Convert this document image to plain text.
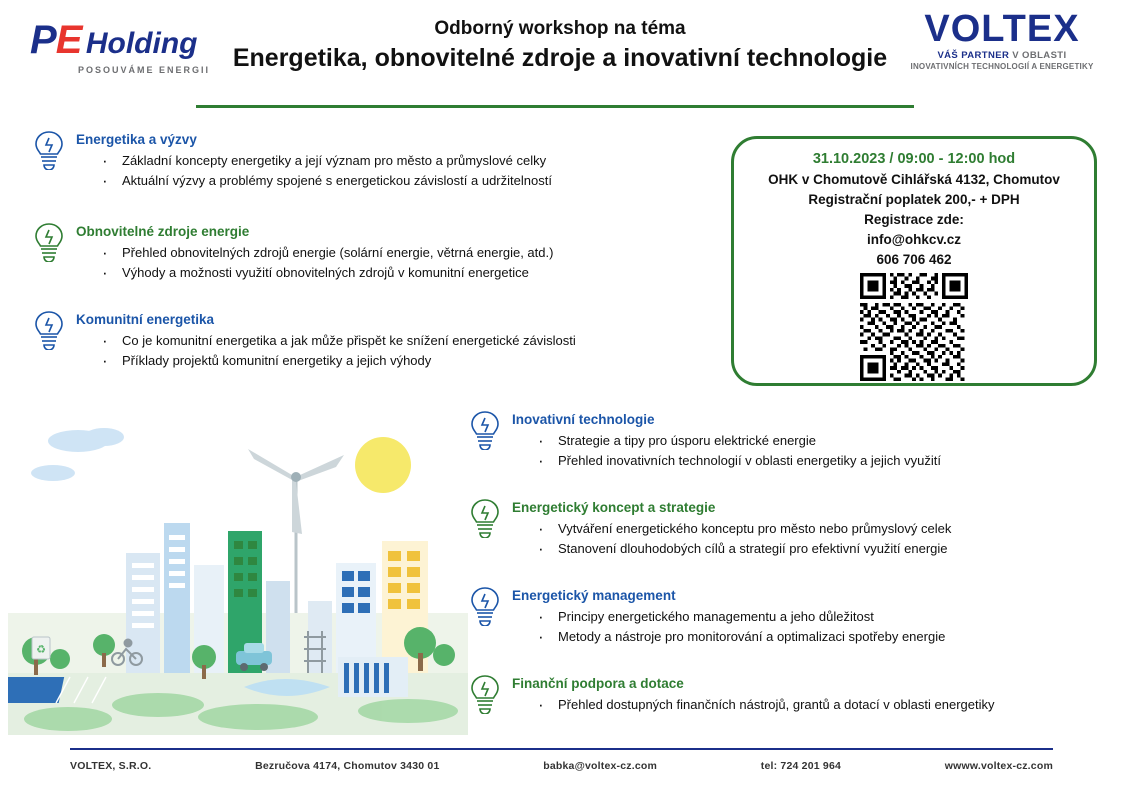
PE Holding
POSOUVÁME ENERGII
Odborný workshop na téma
Energetika, obnovitelné zdroje a inovativní technologie
VOLTEX
VÁŠ PARTNER V OBLASTI
INOVATIVNÍCH TECHNOLOGIÍ A ENERGETIKY
Energetika a výzvy
· Základní koncepty energetiky a její význam pro město a průmyslové celky
· Aktuální výzvy a problémy spojené s energetickou závislostí a udržitelností
Obnovitelné zdroje energie
· Přehled obnovitelných zdrojů energie (solární energie, větrná energie, atd.)
· Výhody a možnosti využití obnovitelných zdrojů v komunitní energetice
Komunitní energetika
· Co je komunitní energetika a jak může přispět ke snížení energetické závislosti
· Příklady projektů komunitní energetiky a jejich výhody
31.10.2023 / 09:00 - 12:00 hod
OHK v Chomutově Cihlářská 4132, Chomutov
Registrační poplatek 200,- + DPH
Registrace zde:
info@ohkcv.cz
606 706 462
Inovativní technologie
· Strategie a tipy pro úsporu elektrické energie
· Přehled inovativních technologií v oblasti energetiky a jejich využití
Energetický koncept a strategie
· Vytváření energetického konceptu pro město nebo průmyslový celek
· Stanovení dlouhodobých cílů a strategií pro efektivní využití energie
Energetický management
· Principy energetického managementu a jeho důležitost
· Metody a nástroje pro monitorování a optimalizaci spotřeby energie
Finanční podpora a dotace
· Přehled dostupných finančních nástrojů, grantů a dotací v oblasti energetiky
♻
VOLTEX, S.R.O.	Bezručova 4174, Chomutov 3430 01	babka@voltex-cz.com	tel: 724 201 964	wwww.voltex-cz.com
